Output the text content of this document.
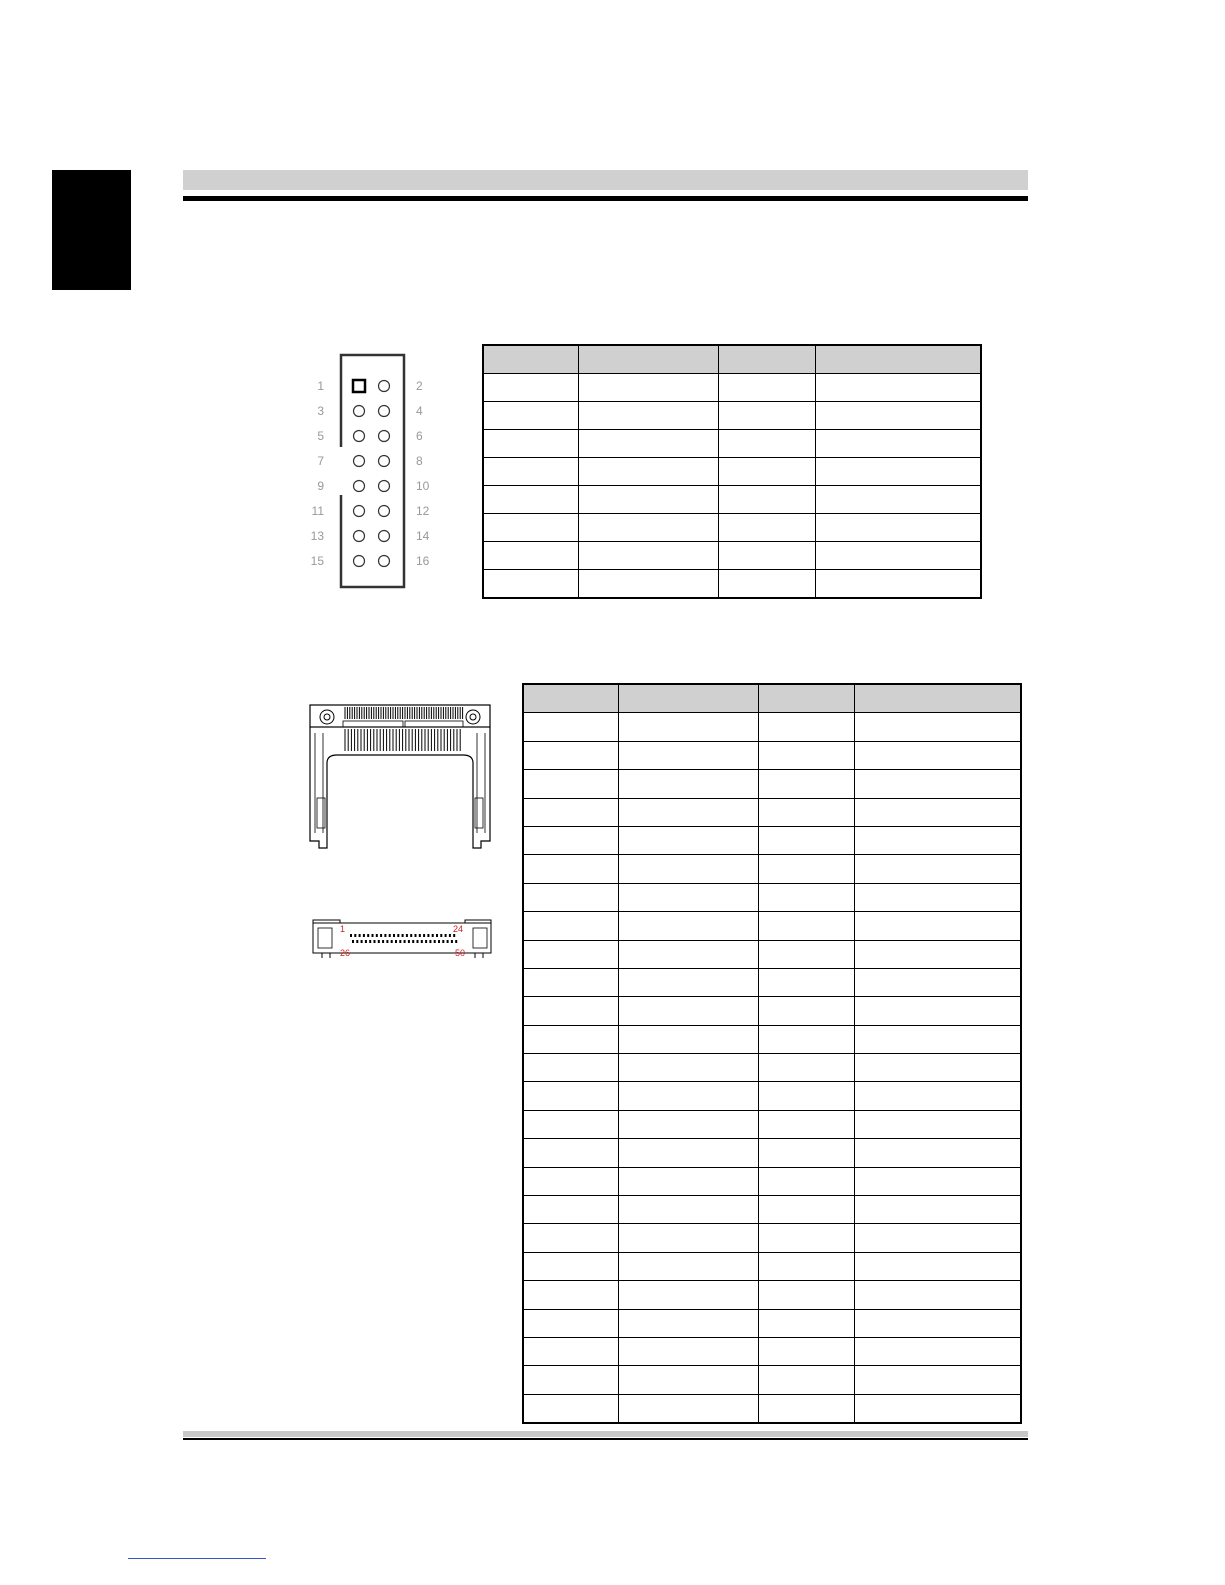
1	2
3	4
5	6
7	8
9	10
11	12
13	14
15	16
1	24
26	50
